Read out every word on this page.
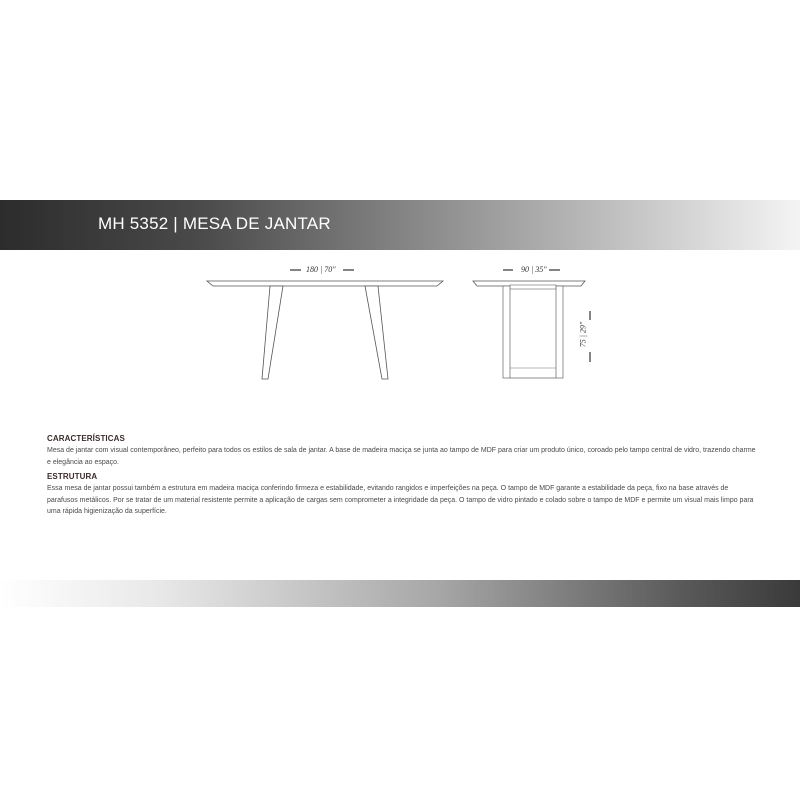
MH 5352 | MESA DE JANTAR
180 | 70"	90 | 35"
75 | 29"
CARACTERÍSTICAS
Mesa de jantar com visual contemporâneo, perfeito para todos os estilos de sala de jantar. A base de madeira maciça se junta ao tampo de MDF para criar um produto único, coroado pelo tampo central de vidro, trazendo charme e elegância ao espaço.
ESTRUTURA
Essa mesa de jantar possui também a estrutura em madeira maciça conferindo firmeza e estabilidade, evitando rangidos e imperfeições na peça. O tampo de MDF garante a estabilidade da peça, fixo na base através de parafusos metálicos. Por se tratar de um material resistente permite a aplicação de cargas sem comprometer a integridade da peça. O tampo de vidro pintado e colado sobre o tampo de MDF e permite um visual mais limpo para uma rápida higienização da superfície.
